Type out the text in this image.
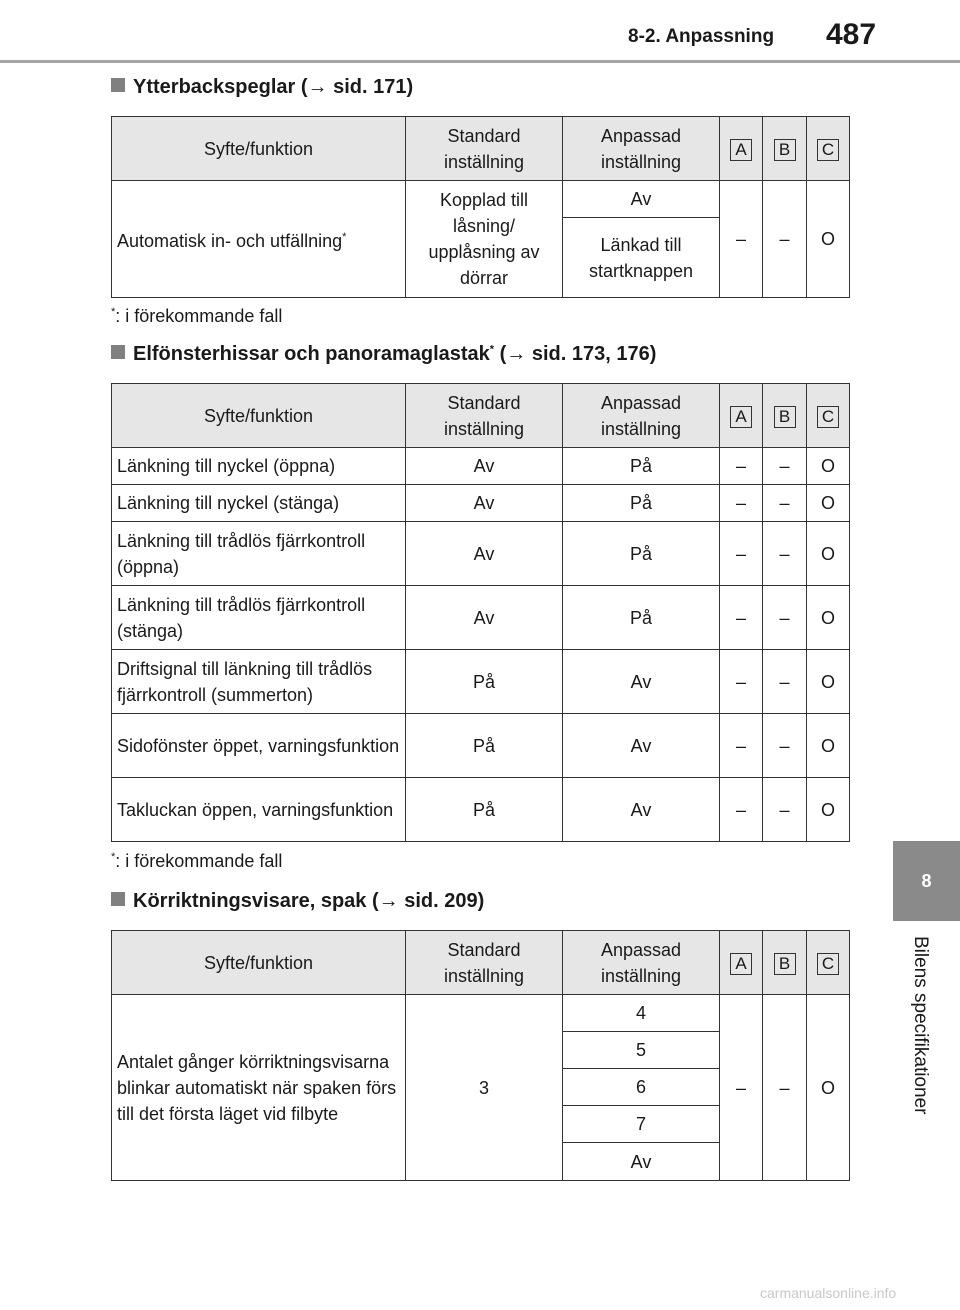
8-2. Anpassning 487
8
Bilens specifikationer
Ytterbackspeglar (→ sid. 171)
Syfte/funktion	Standard inställning	Anpassad inställning	A	B	C
Automatisk in- och utfällning*	Kopplad till låsning/ upplåsning av dörrar	Av	–	–	O
		Länkad till startknappen			
*: i förekommande fall
Elfönsterhissar och panoramaglastak* (→ sid. 173, 176)
Syfte/funktion	Standard inställning	Anpassad inställning	A	B	C
Länkning till nyckel (öppna)	Av	På	–	–	O
Länkning till nyckel (stänga)	Av	På	–	–	O
Länkning till trådlös fjärrkontroll (öppna)	Av	På	–	–	O
Länkning till trådlös fjärrkontroll (stänga)	Av	På	–	–	O
Driftsignal till länkning till trådlös fjärrkontroll (summerton)	På	Av	–	–	O
Sidofönster öppet, varningsfunktion	På	Av	–	–	O
Takluckan öppen, varningsfunktion	På	Av	–	–	O
*: i förekommande fall
Körriktningsvisare, spak (→ sid. 209)
Syfte/funktion	Standard inställning	Anpassad inställning	A	B	C
Antalet gånger körriktningsvisarna blinkar automatiskt när spaken förs till det första läget vid filbyte	3	4	–	–	O
		5			
		6			
		7			
		Av			
carmanualsonline.info
